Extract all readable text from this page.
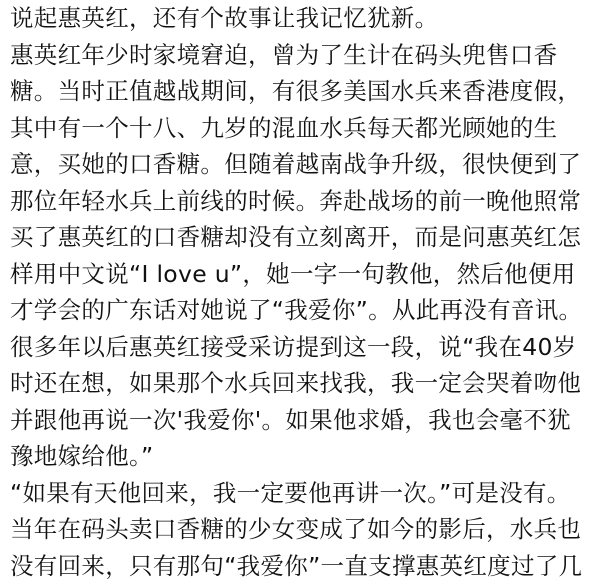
说起惠英红，还有个故事让我记忆犹新。
惠英红年少时家境窘迫，曾为了生计在码头兜售口香
糖。当时正值越战期间，有很多美国水兵来香港度假，
其中有一个十八、九岁的混血水兵每天都光顾她的生
意，买她的口香糖。但随着越南战争升级，很快便到了
那位年轻水兵上前线的时候。奔赴战场的前一晚他照常
买了惠英红的口香糖却没有立刻离开，而是问惠英红怎
样用中文说“I love u”，她一字一句教他，然后他便用
才学会的广东话对她说了“我爱你”。从此再没有音讯。
很多年以后惠英红接受采访提到这一段，说“我在40岁
时还在想，如果那个水兵回来找我，我一定会哭着吻他
并跟他再说一次'我爱你'。如果他求婚，我也会毫不犹
豫地嫁给他。”
“如果有天他回来，我一定要他再讲一次。”可是没有。
当年在码头卖口香糖的少女变成了如今的影后，水兵也
没有回来，只有那句“我爱你”一直支撑惠英红度过了几
